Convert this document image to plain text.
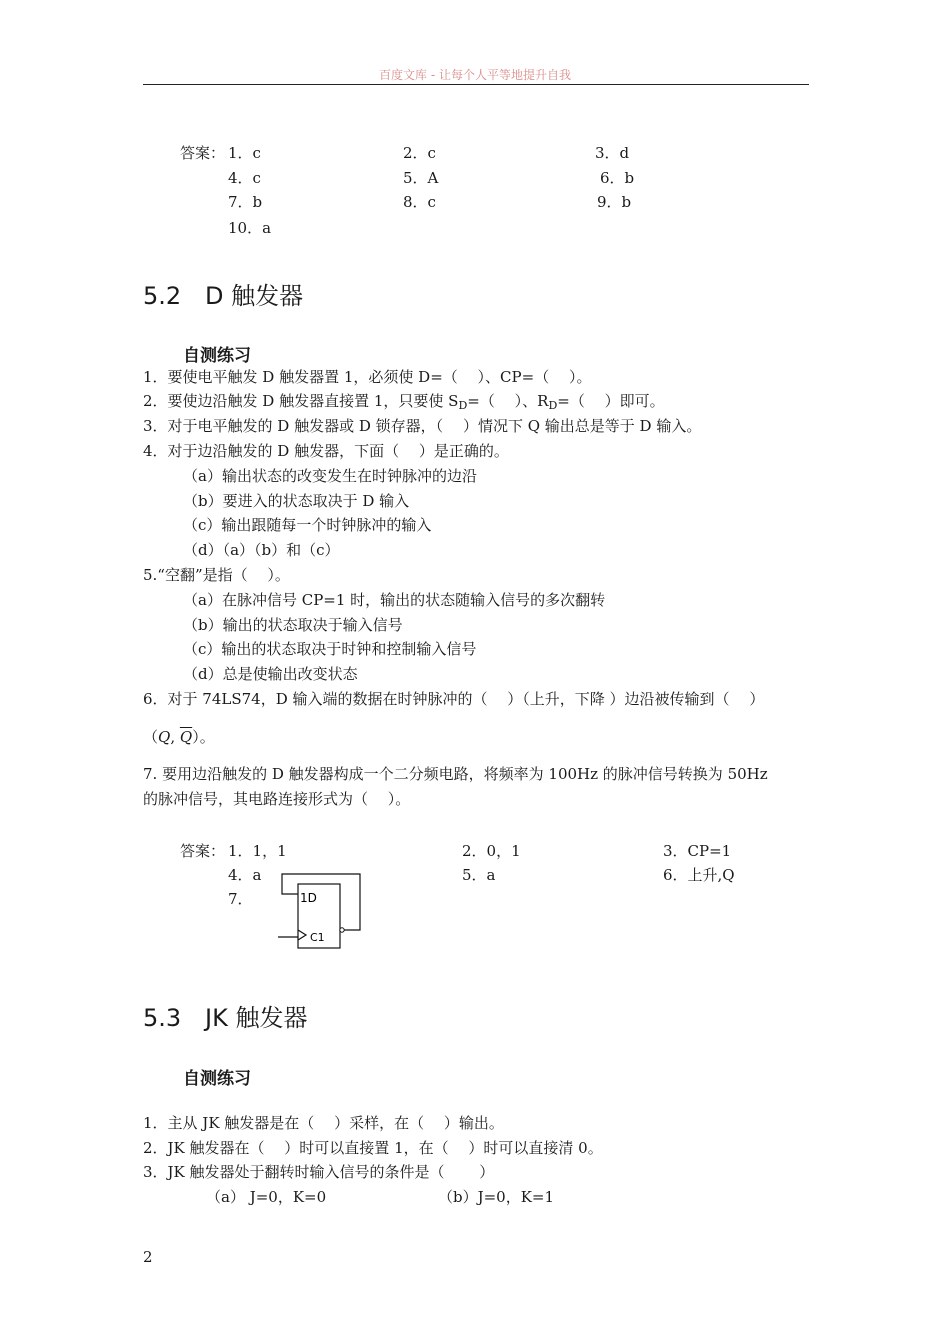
百度文库 - 让每个人平等地提升自我
答案： 1．c	2．c	3．d
4．c	5．A	6．b
7．b	8．c	9．b
10．a
5.2 D 触发器
自测练习
1．要使电平触发 D 触发器置 1，必须使 D=（　 ）、CP=（　 ）。
2．要使边沿触发 D 触发器直接置 1，只要使 $S_D=$（　 ）、$R_D=$（　 ）即可。
3．对于电平触发的 D 触发器或 D 锁存器，（　 ）情况下 Q 输出总是等于 D 输入。
4．对于边沿触发的 D 触发器，下面（　 ）是正确的。
（a）输出状态的改变发生在时钟脉冲的边沿
（b）要进入的状态取决于 D 输入
（c）输出跟随每一个时钟脉冲的输入
（d）（a）（b）和（c）
5.“空翻”是指（　 ）。
（a）在脉冲信号 CP=1 时，输出的状态随输入信号的多次翻转
（b）输出的状态取决于输入信号
（c）输出的状态取决于时钟和控制输入信号
（d）总是使输出改变状态
6．对于 74LS74，D 输入端的数据在时钟脉冲的（　 ）（上升，下降 ）边沿被传输到（　 ）
（Q, $\overline{Q}$）。
7. 要用边沿触发的 D 触发器构成一个二分频电路，将频率为 100Hz 的脉冲信号转换为 50Hz
的脉冲信号，其电路连接形式为（　 ）。
答案： 1．1，1	2．0，1	3．CP=1
4．a	5．a	6．上升,Q
7．	1D
C1
5.3 JK 触发器
自测练习
1．主从 JK 触发器是在（　 ）采样，在（　 ）输出。
2．JK 触发器在（　 ）时可以直接置 1，在（　 ）时可以直接清 0。
3．JK 触发器处于翻转时输入信号的条件是（　　 ）
（a） J=0，K=0	（b）J=0，K=1
2
